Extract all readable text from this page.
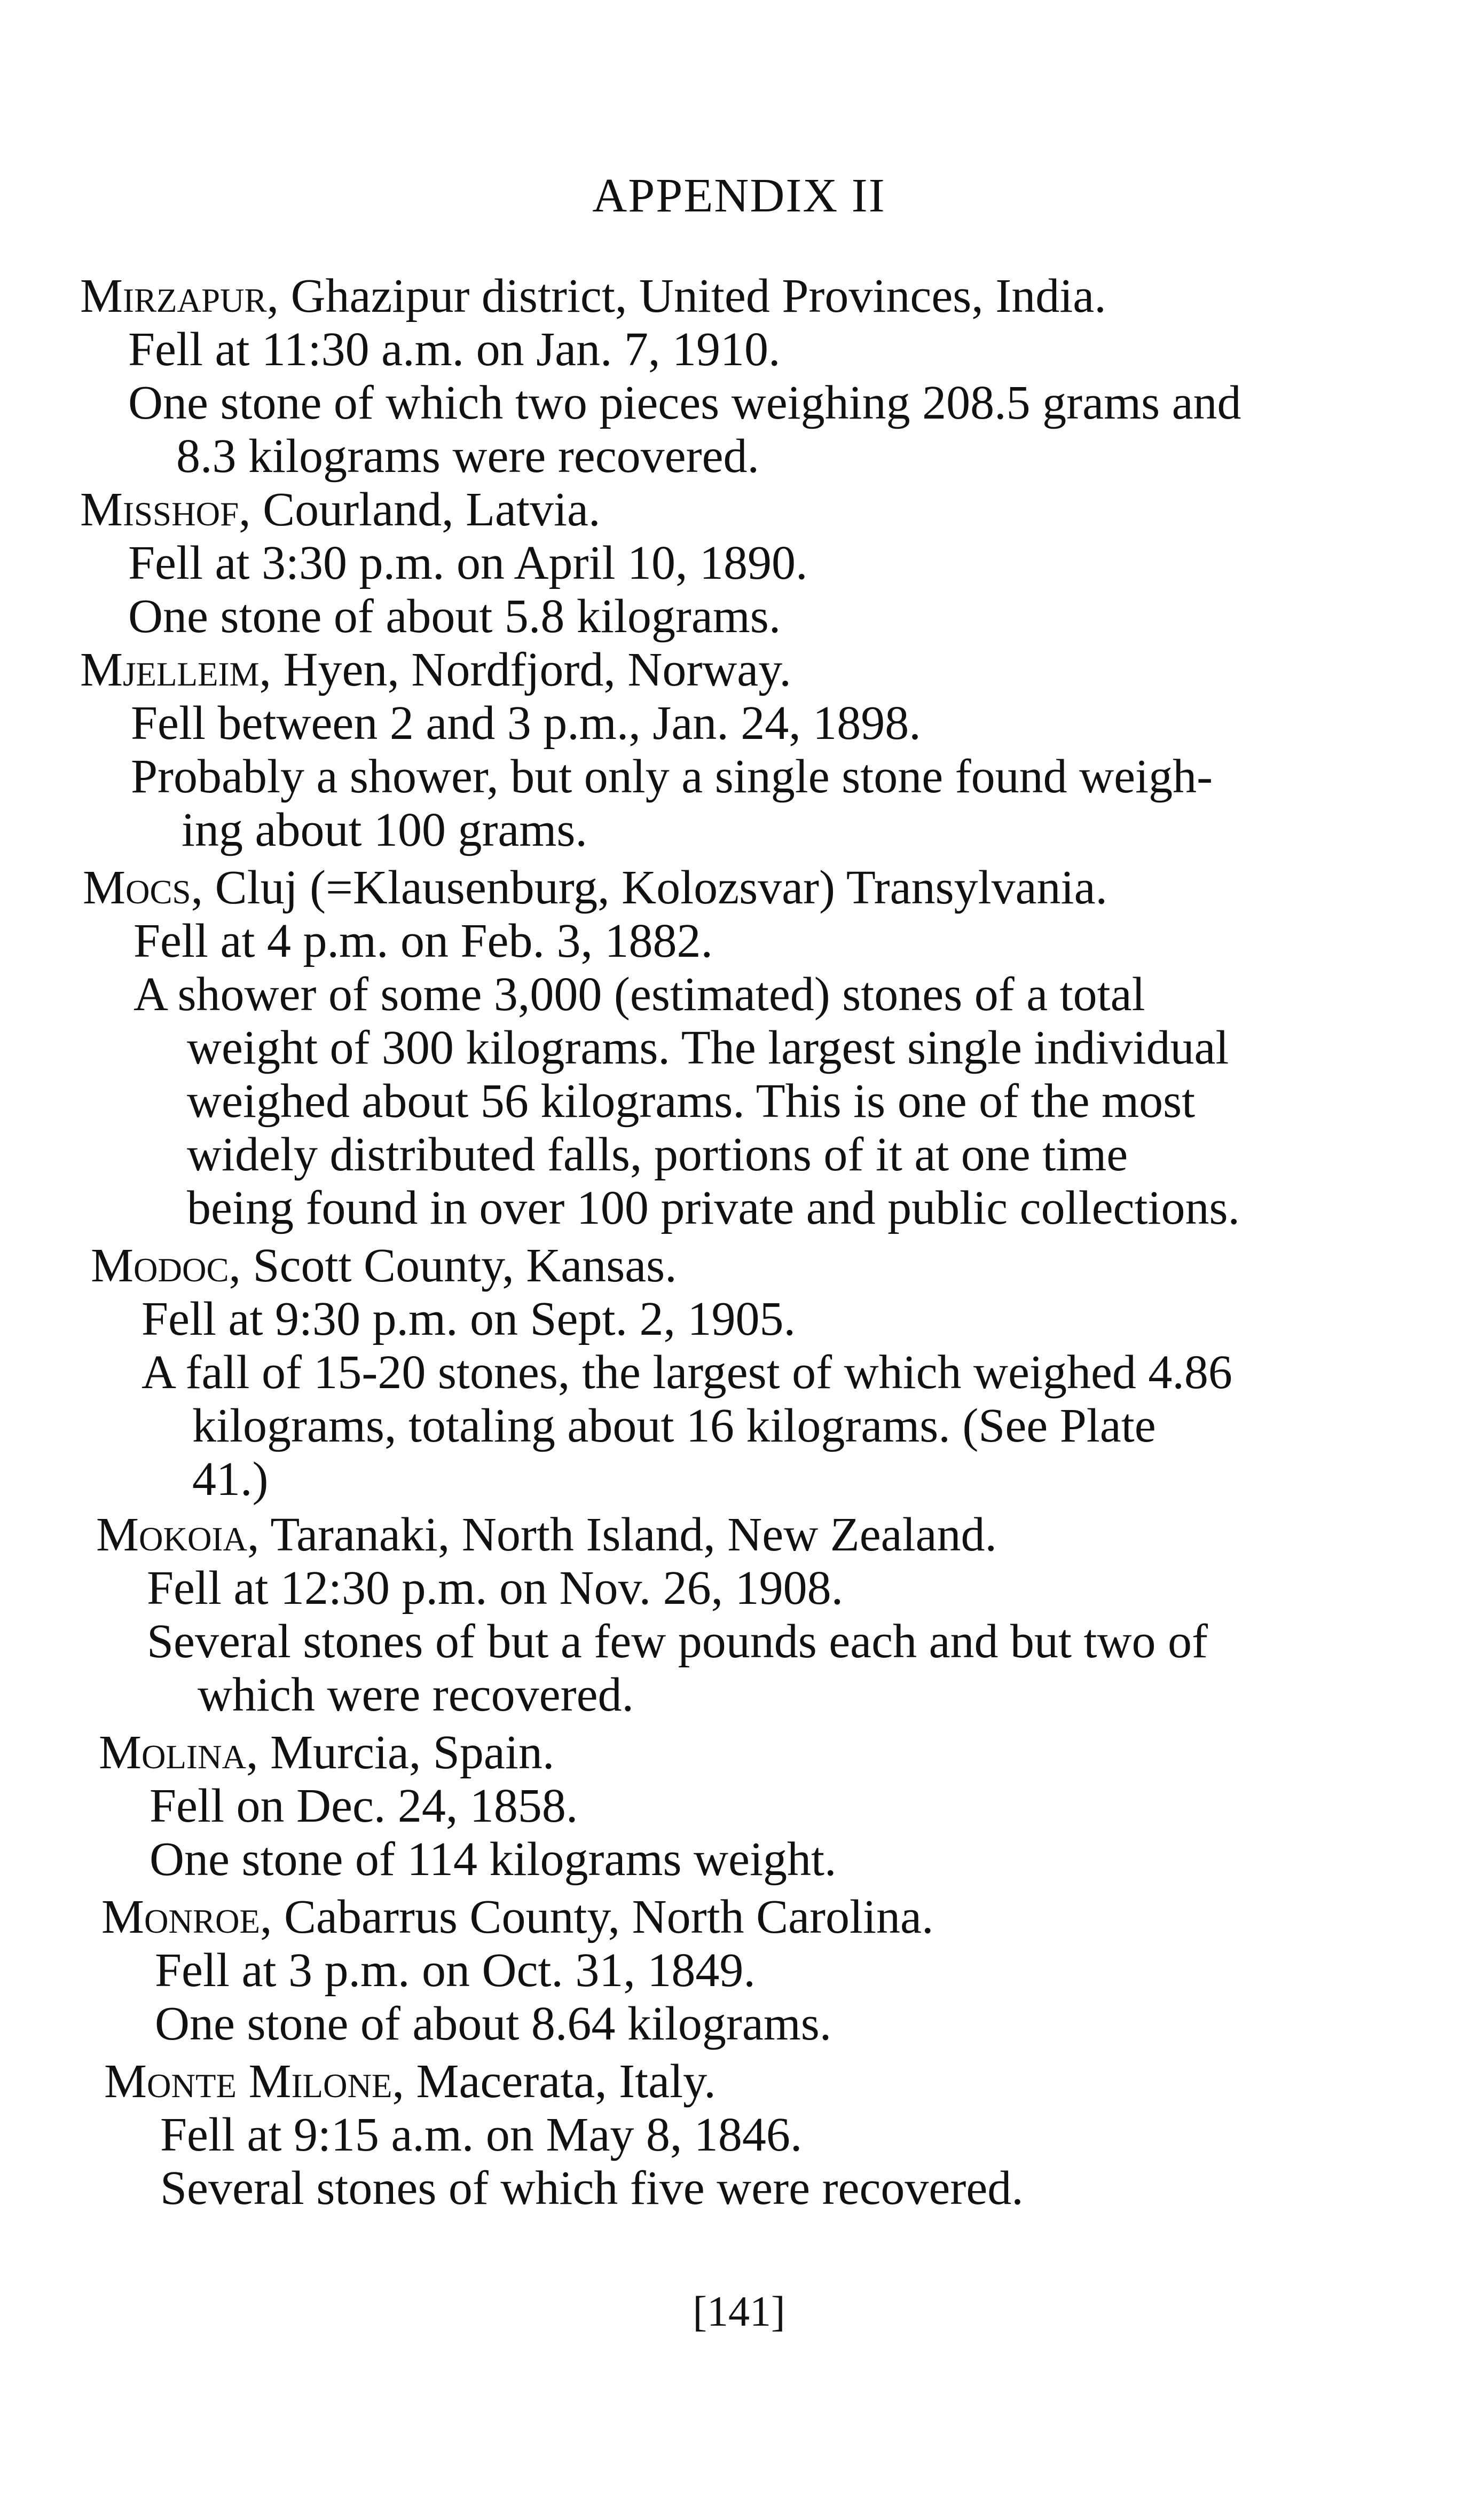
APPENDIX II
Mirzapur, Ghazipur district, United Provinces, India.
Fell at 11:30 a.m. on Jan. 7, 1910.
One stone of which two pieces weighing 208.5 grams and
8.3 kilograms were recovered.
Misshof, Courland, Latvia.
Fell at 3:30 p.m. on April 10, 1890.
One stone of about 5.8 kilograms.
Mjelleim, Hyen, Nordfjord, Norway.
Fell between 2 and 3 p.m., Jan. 24, 1898.
Probably a shower, but only a single stone found weigh-
ing about 100 grams.
Mocs, Cluj (=Klausenburg, Kolozsvar) Transylvania.
Fell at 4 p.m. on Feb. 3, 1882.
A shower of some 3,000 (estimated) stones of a total
weight of 300 kilograms. The largest single individual
weighed about 56 kilograms. This is one of the most
widely distributed falls, portions of it at one time
being found in over 100 private and public collections.
Modoc, Scott County, Kansas.
Fell at 9:30 p.m. on Sept. 2, 1905.
A fall of 15-20 stones, the largest of which weighed 4.86
kilograms, totaling about 16 kilograms. (See Plate
41.)
Mokoia, Taranaki, North Island, New Zealand.
Fell at 12:30 p.m. on Nov. 26, 1908.
Several stones of but a few pounds each and but two of
which were recovered.
Molina, Murcia, Spain.
Fell on Dec. 24, 1858.
One stone of 114 kilograms weight.
Monroe, Cabarrus County, North Carolina.
Fell at 3 p.m. on Oct. 31, 1849.
One stone of about 8.64 kilograms.
Monte Milone, Macerata, Italy.
Fell at 9:15 a.m. on May 8, 1846.
Several stones of which five were recovered.
[141]
